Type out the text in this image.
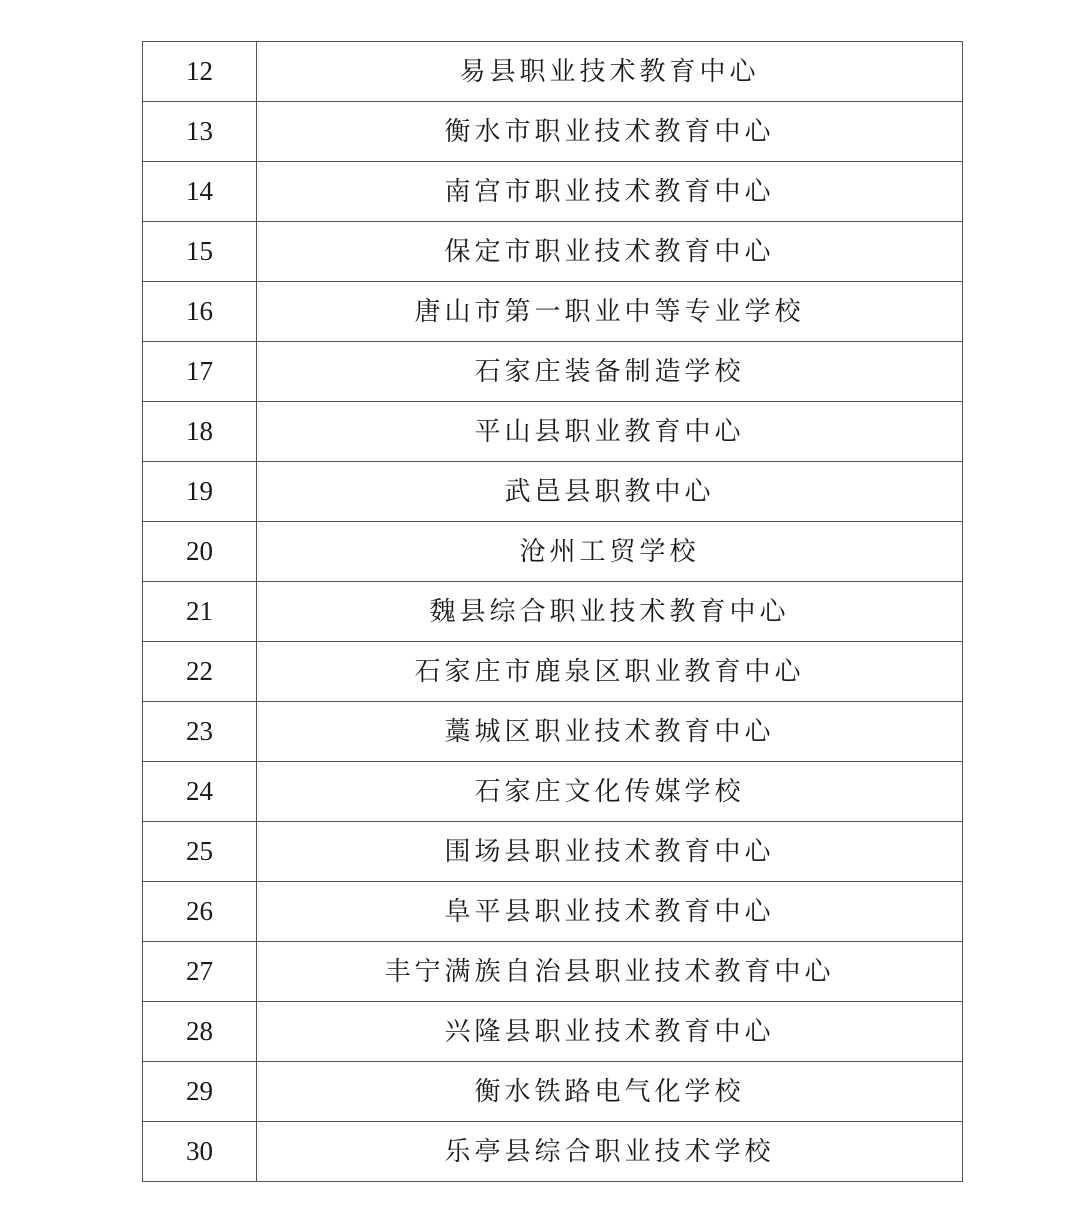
12	易县职业技术教育中心
13	衡水市职业技术教育中心
14	南宫市职业技术教育中心
15	保定市职业技术教育中心
16	唐山市第一职业中等专业学校
17	石家庄装备制造学校
18	平山县职业教育中心
19	武邑县职教中心
20	沧州工贸学校
21	魏县综合职业技术教育中心
22	石家庄市鹿泉区职业教育中心
23	藁城区职业技术教育中心
24	石家庄文化传媒学校
25	围场县职业技术教育中心
26	阜平县职业技术教育中心
27	丰宁满族自治县职业技术教育中心
28	兴隆县职业技术教育中心
29	衡水铁路电气化学校
30	乐亭县综合职业技术学校
